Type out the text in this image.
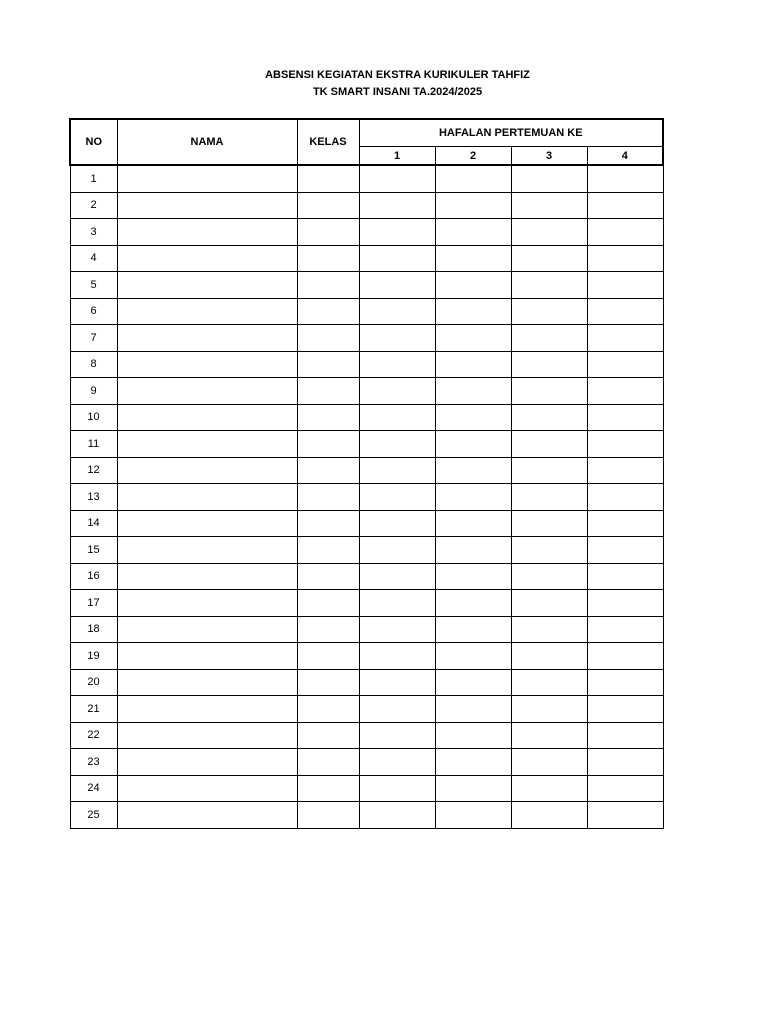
ABSENSI KEGIATAN EKSTRA KURIKULER TAHFIZ
TK SMART INSANI TA.2024/2025
NO	NAMA	KELAS	HAFALAN PERTEMUAN KE			
			1	2	3	4
1						
2						
3						
4						
5						
6						
7						
8						
9						
10						
11						
12						
13						
14						
15						
16						
17						
18						
19						
20						
21						
22						
23						
24						
25						
